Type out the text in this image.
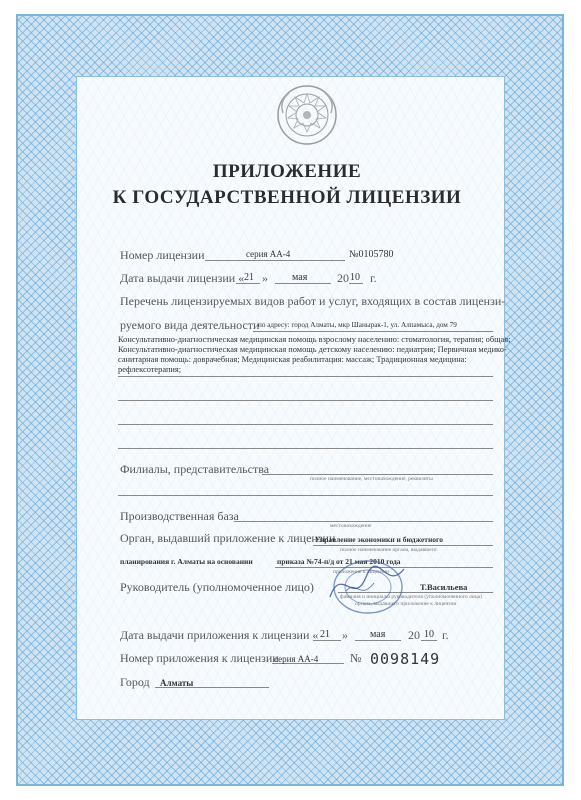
ПРИЛОЖЕНИЕ
К ГОСУДАРСТВЕННОЙ ЛИЦЕНЗИИ
Номер лицензии	серия АА-4	№0105780
Дата выдачи лицензии « 21 » мая 20 10 г.
Перечень лицензируемых видов работ и услуг, входящих в состав лицензи-
руемого вида деятельности
по адресу: город Алматы, мкр Шанырак-1, ул. Алпамыса, дом 79
Консультативно-диагностическая медицинская помощь взрослому населению: стоматология, терапия; общая; Консультативно-диагностическая медицинская помощь детскому населению: педиатрия; Первичная медико-санитарная помощь: доврачебная; Медицинская реабилитация: массаж; Традиционная медицина: рефлексотерапия;
Филиалы, представительства
полное наименование, местонахождение, реквизиты
Производственная база
местонахождение
Орган, выдавший приложение к лицензии
Управление экономики и бюджетного
полное наименование органа, выдавшего
планирования г. Алматы на основании	приказа №74-п/д от 21 мая 2010 года
приложение к лицензии
Руководитель (уполномоченное лицо)	Т.Васильева
фамилия и инициалы руководителя (уполномоченного лица)
органа, выдавшего приложение к лицензии
Дата выдачи приложения к лицензии « 21 » мая 20 10 г.
Номер приложения к лицензии
серия АА-4	№ 0098149
Город Алматы
